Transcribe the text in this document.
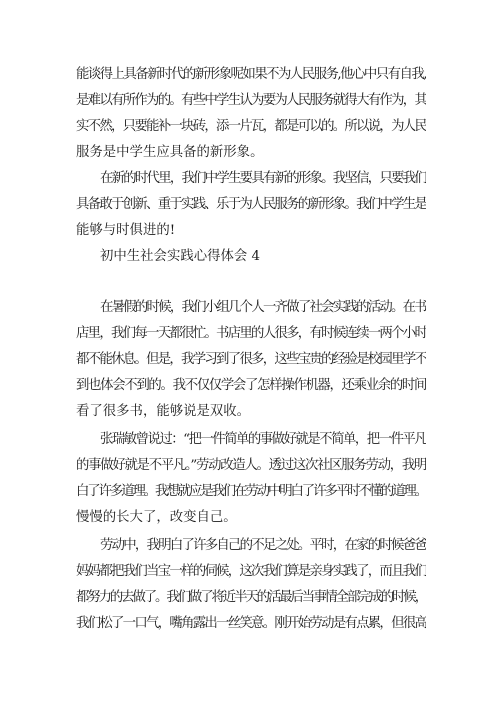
能谈得上具备新时代的新形象呢如果不为人民服务,他心中只有自我,
是难以有所作为的。有些中学生认为要为人民服务就得大有作为，其
实不然，只要能补一块砖，添一片瓦，都是可以的。所以说，为人民
服务是中学生应具备的新形象。
在新的时代里，我们中学生要具有新的形象。我坚信，只要我们
具备敢于创新、重于实践、乐于为人民服务的新形象。我们中学生是
能够与时俱进的!
初中生社会实践心得体会 4
在暑假的时候，我们小组几个人一齐做了社会实践的活动。在书
店里，我们每一天都很忙。书店里的人很多，有时候连续一两个小时
都不能休息。但是，我学习到了很多，这些宝贵的经验是校园里学不
到也体会不到的。我不仅仅学会了怎样操作机器，还乘业余的时间
看了很多书，能够说是双收。
张瑞敏曾说过：“把一件简单的事做好就是不简单，把一件平凡
的事做好就是不平凡。”劳动改造人。透过这次社区服务劳动，我明
白了许多道理。我想就应是我们在劳动中明白了许多平时不懂的道理。
慢慢的长大了，改变自己。
劳动中，我明白了许多自己的不足之处。平时，在家的时候爸爸
妈妈都把我们当宝一样的伺候，这次我们算是亲身实践了，而且我们
都努力的去做了。我们做了将近半天的活最后当事情全部完成的时候，
我们松了一口气，嘴角露出一丝笑意。刚开始劳动是有点累，但很高
